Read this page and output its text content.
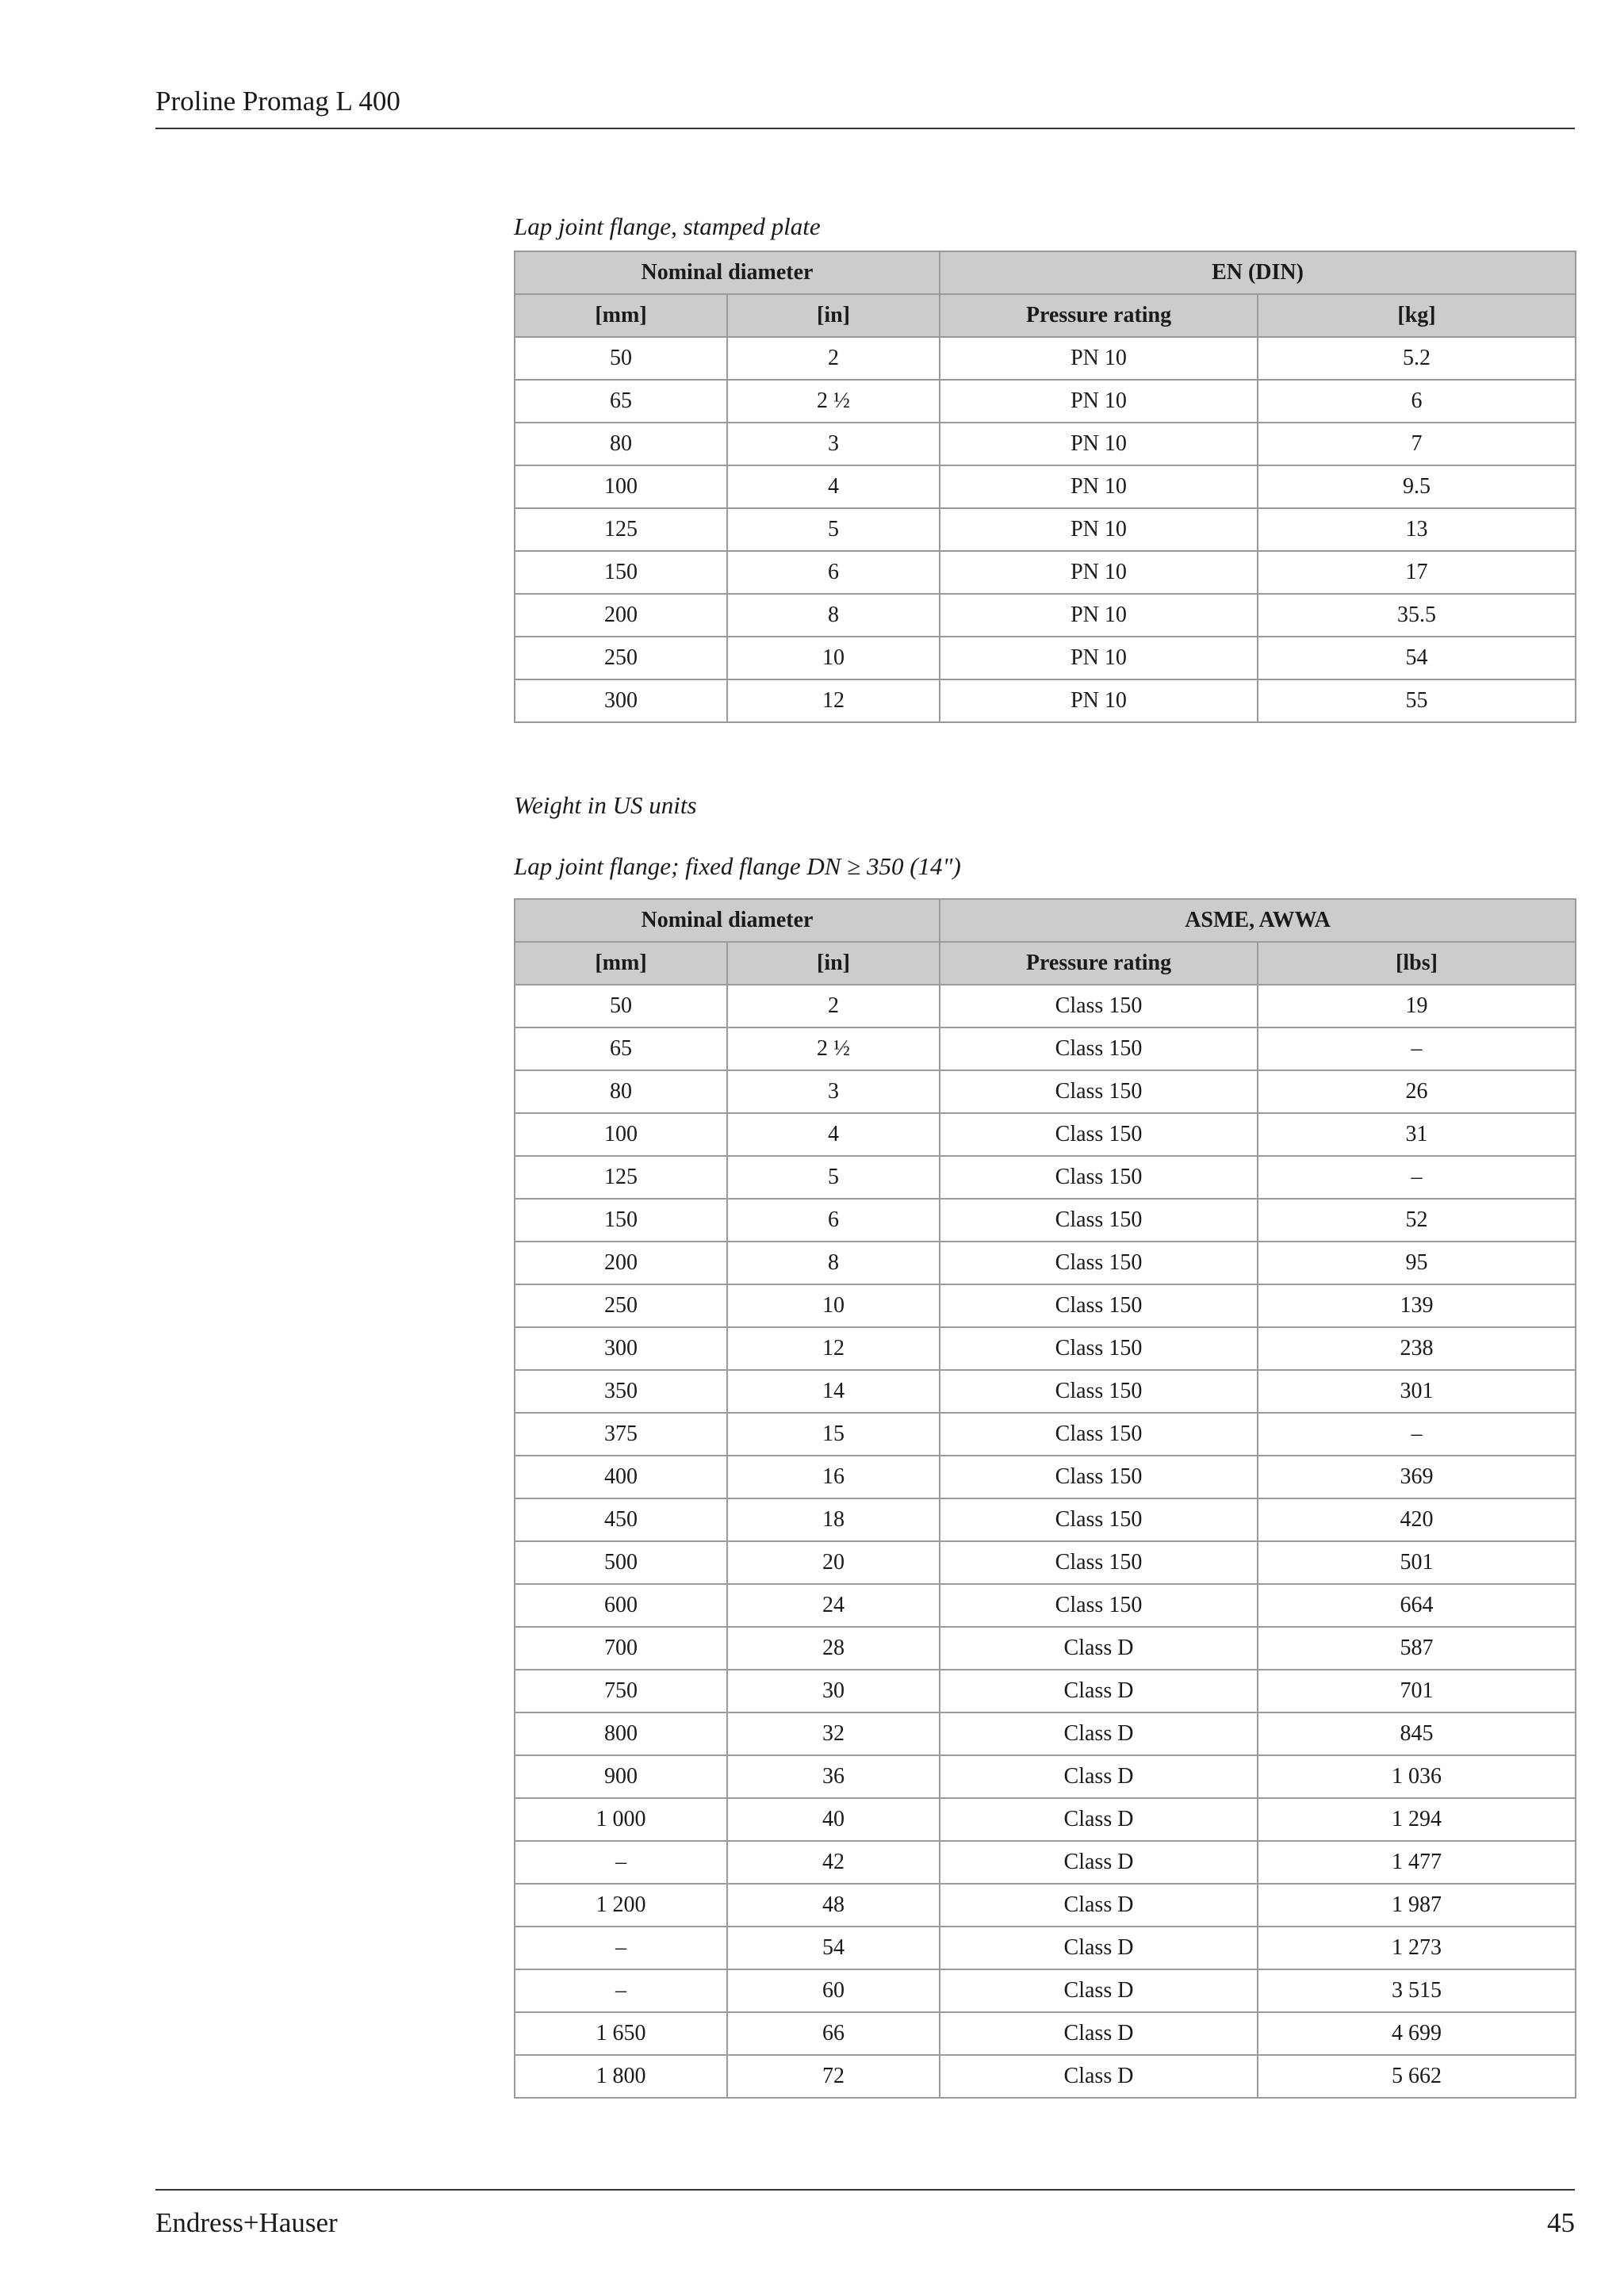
Proline Promag L 400
Lap joint flange, stamped plate
Nominal diameter		EN (DIN)	
[mm]	[in]	Pressure rating	[kg]
50	2	PN 10	5.2
65	2 ½	PN 10	6
80	3	PN 10	7
100	4	PN 10	9.5
125	5	PN 10	13
150	6	PN 10	17
200	8	PN 10	35.5
250	10	PN 10	54
300	12	PN 10	55
Weight in US units
Lap joint flange; fixed flange DN ≥ 350 (14")
Nominal diameter		ASME, AWWA	
[mm]	[in]	Pressure rating	[lbs]
50	2	Class 150	19
65	2 ½	Class 150	–
80	3	Class 150	26
100	4	Class 150	31
125	5	Class 150	–
150	6	Class 150	52
200	8	Class 150	95
250	10	Class 150	139
300	12	Class 150	238
350	14	Class 150	301
375	15	Class 150	–
400	16	Class 150	369
450	18	Class 150	420
500	20	Class 150	501
600	24	Class 150	664
700	28	Class D	587
750	30	Class D	701
800	32	Class D	845
900	36	Class D	1 036
1 000	40	Class D	1 294
–	42	Class D	1 477
1 200	48	Class D	1 987
–	54	Class D	1 273
–	60	Class D	3 515
1 650	66	Class D	4 699
1 800	72	Class D	5 662
Endress+Hauser	45
